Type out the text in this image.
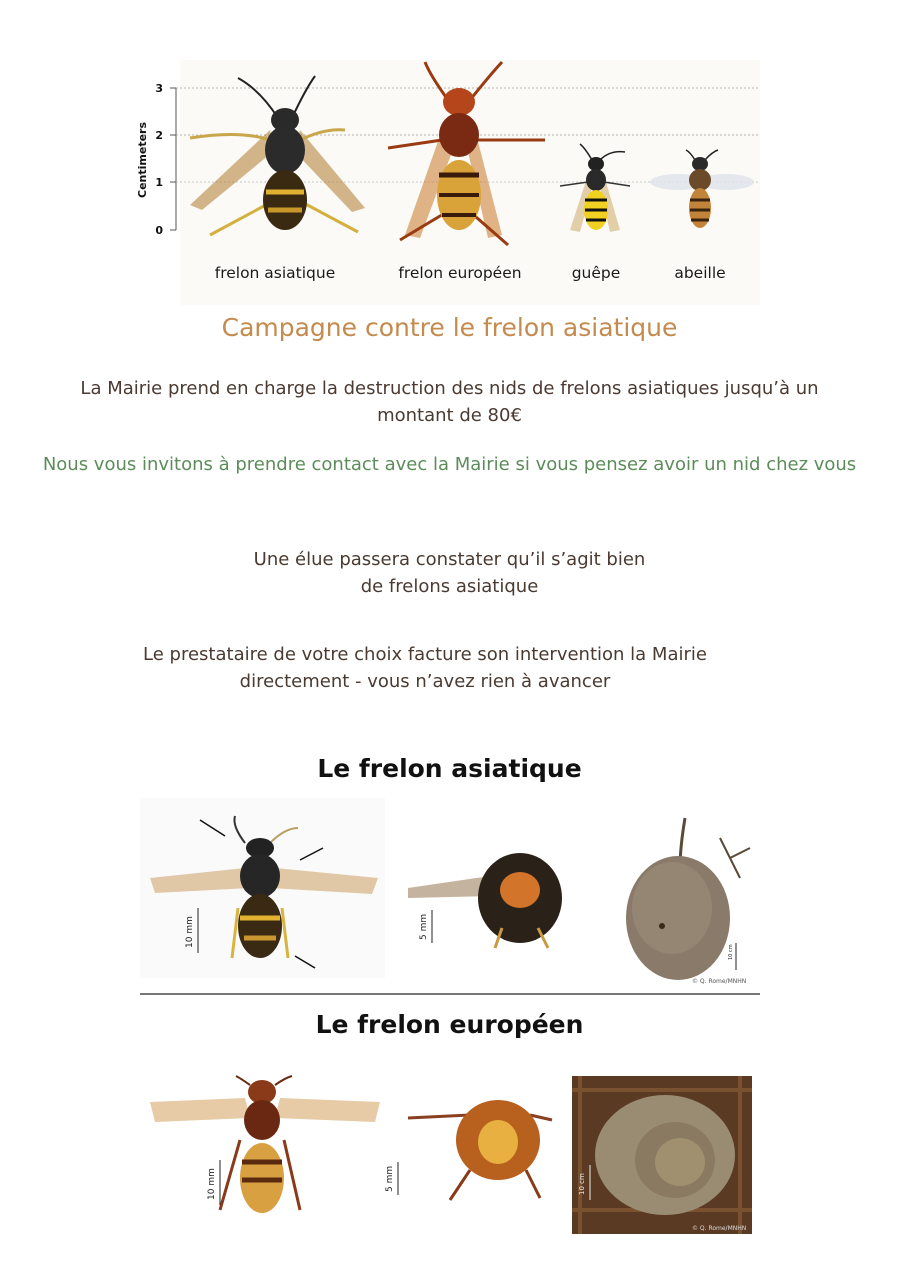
3
2
1
0
Centimeters
frelon asiatique	frelon européen	guêpe	abeille
Campagne contre le frelon asiatique
La Mairie prend en charge la destruction des nids de frelons asiatiques jusqu’à un montant de 80€
Nous vous invitons à prendre contact avec la Mairie si vous pensez avoir un nid chez vous
Une élue passera constater qu’il s’agit bien
de frelons asiatique
Le prestataire de votre choix facture son intervention la Mairie
directement - vous n’avez rien à avancer
Le frelon asiatique
10 mm	5 mm
10 cm
© Q. Rome/MNHN
Le frelon européen
10 mm	5 mm	10 cm
© Q. Rome/MNHN
